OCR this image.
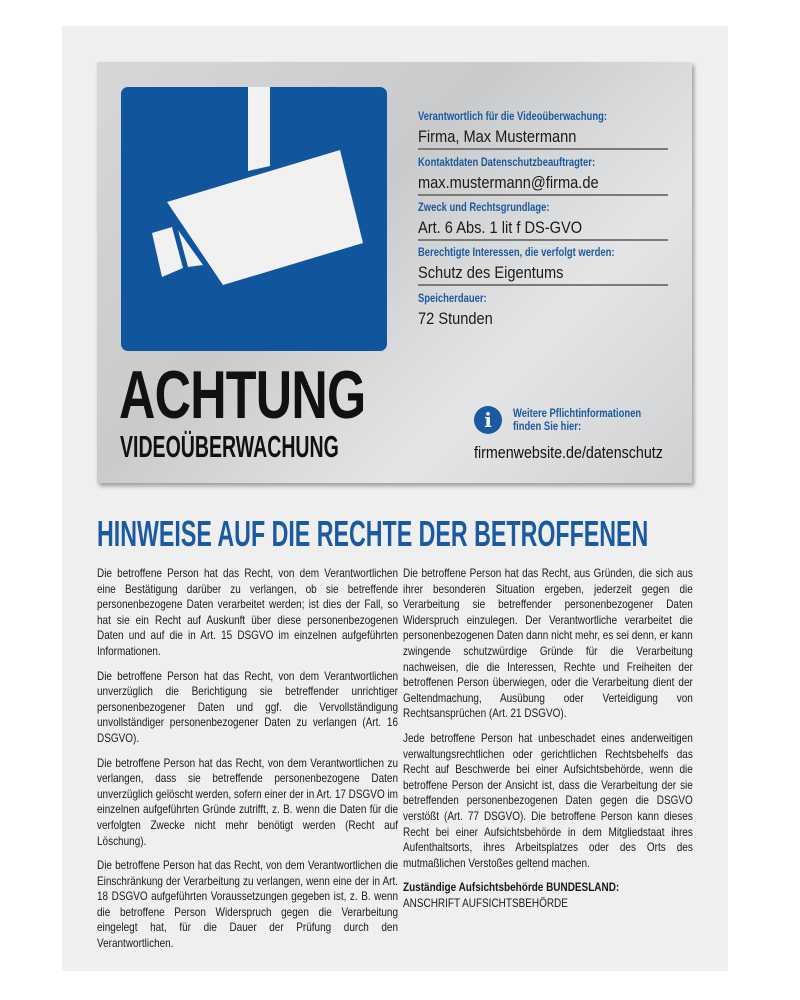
ACHTUNG
VIDEOÜBERWACHUNG
Verantwortlich für die Videoüberwachung:
Firma, Max Mustermann
Kontaktdaten Datenschutzbeauftragter:
max.mustermann@firma.de
Zweck und Rechtsgrundlage:
Art. 6 Abs. 1 lit f DS-GVO
Berechtigte Interessen, die verfolgt werden:
Schutz des Eigentums
Speicherdauer:
72 Stunden
i	Weitere Pflichtinformationen
finden Sie hier:
firmenwebsite.de/datenschutz
HINWEISE AUF DIE RECHTE DER BETROFFENEN

Die betroffene Person hat das Recht, von dem Verantwortlichen eine Bestätigung darüber zu verlangen, ob sie betreffende personenbezogene Daten verarbeitet werden; ist dies der Fall, so hat sie ein Recht auf Auskunft über diese personenbezogenen Daten und auf die in Art. 15 DSGVO im einzelnen aufgeführten Informationen.

Die betroffene Person hat das Recht, von dem Verantwortlichen unverzüglich die Berichtigung sie betreffender unrichtiger personenbezogener Daten und ggf. die Vervollständigung unvollständiger personenbezogener Daten zu verlangen (Art. 16 DSGVO).

Die betroffene Person hat das Recht, von dem Verantwortlichen zu verlangen, dass sie betreffende personenbezogene Daten unverzüglich gelöscht werden, sofern einer der in Art. 17 DSGVO im einzelnen aufgeführten Gründe zutrifft, z. B. wenn die Daten für die verfolgten Zwecke nicht mehr benötigt werden (Recht auf Löschung).

Die betroffene Person hat das Recht, von dem Verantwortlichen die Einschränkung der Verarbeitung zu verlangen, wenn eine der in Art. 18 DSGVO aufgeführten Voraussetzungen gegeben ist, z. B. wenn die betroffene Person Widerspruch gegen die Verarbeitung eingelegt hat, für die Dauer der Prüfung durch den Verantwortlichen.

Die betroffene Person hat das Recht, aus Gründen, die sich aus ihrer besonderen Situation ergeben, jederzeit gegen die Verarbeitung sie betreffender personenbezogener Daten Widerspruch einzulegen. Der Verantwortliche verarbeitet die personenbezogenen Daten dann nicht mehr, es sei denn, er kann zwingende schutzwürdige Gründe für die Verarbeitung nachweisen, die die Interessen, Rechte und Freiheiten der betroffenen Person überwiegen, oder die Verarbeitung dient der Geltendmachung, Ausübung oder Verteidigung von Rechtsansprüchen (Art. 21 DSGVO).

Jede betroffene Person hat unbeschadet eines anderweitigen verwaltungsrechtlichen oder gerichtlichen Rechtsbehelfs das Recht auf Beschwerde bei einer Aufsichtsbehörde, wenn die betroffene Person der Ansicht ist, dass die Verarbeitung der sie betreffenden personenbezogenen Daten gegen die DSGVO verstößt (Art. 77 DSGVO). Die betroffene Person kann dieses Recht bei einer Aufsichtsbehörde in dem Mitgliedstaat ihres Aufenthaltsorts, ihres Arbeitsplatzes oder des Orts des mutmaßlichen Verstoßes geltend machen.

Zuständige Aufsichtsbehörde BUNDESLAND:

ANSCHRIFT AUFSICHTSBEHÖRDE
